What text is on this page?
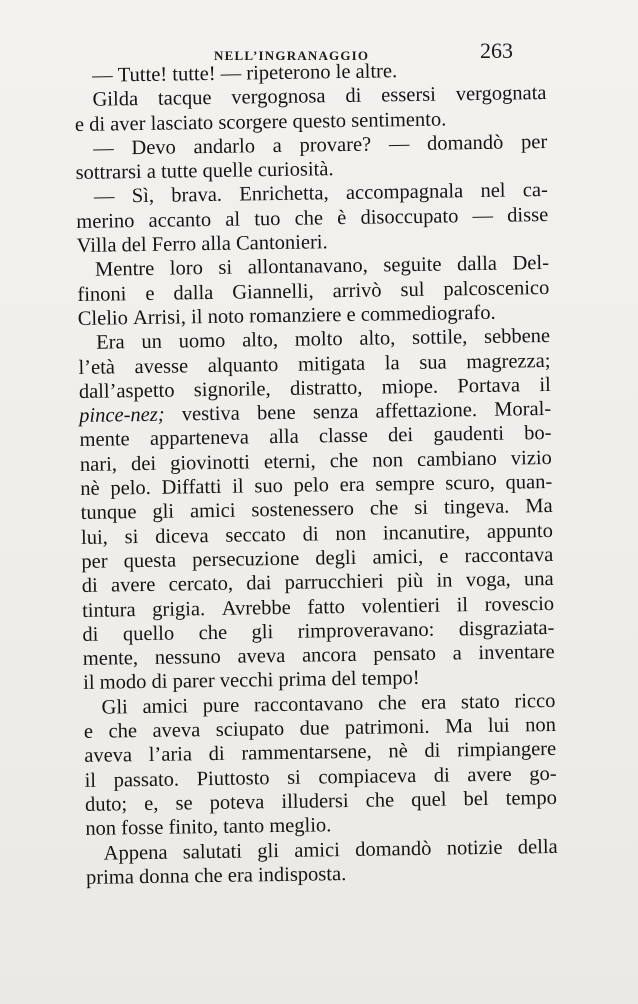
NELL’INGRANAGGIO	263
—
Tutte!
tutte!
—
ripeterono
le
altre.
Gilda tacque vergognosa di essersi vergognata
e
di
aver
lasciato
scorgere
questo
sentimento.
— Devo andarlo a provare? — domandò per
sottrarsi
a
tutte
quelle
curiosità.
— Sì, brava. Enrichetta, accompagnala nel ca-
merino accanto al tuo che è disoccupato — disse
Villa
del
Ferro
alla
Cantonieri.
Mentre loro si allontanavano, seguite dalla Del-
finoni e dalla Giannelli, arrivò sul palcoscenico
Clelio
Arrisi,
il
noto
romanziere
e
commediografo.
Era un uomo alto, molto alto, sottile, sebbene
l’età avesse alquanto mitigata la sua magrezza;
dall’aspetto signorile, distratto, miope. Portava il
pince-nez; vestiva bene senza affettazione. Moral-
mente apparteneva alla classe dei gaudenti bo-
nari, dei giovinotti eterni, che non cambiano vizio
nè pelo. Diffatti il suo pelo era sempre scuro, quan-
tunque gli amici sostenessero che si tingeva. Ma
lui, si diceva seccato di non incanutire, appunto
per questa persecuzione degli amici, e raccontava
di avere cercato, dai parrucchieri più in voga, una
tintura grigia. Avrebbe fatto volentieri il rovescio
di quello che gli rimproveravano: disgraziata-
mente, nessuno aveva ancora pensato a inventare
il
modo
di
parer
vecchi
prima
del
tempo!
Gli amici pure raccontavano che era stato ricco
e che aveva sciupato due patrimoni. Ma lui non
aveva l’aria di rammentarsene, nè di rimpiangere
il passato. Piuttosto si compiaceva di avere go-
duto; e, se poteva illudersi che quel bel tempo
non
fosse
finito,
tanto
meglio.
Appena salutati gli amici domandò notizie della
prima
donna
che
era
indisposta.
